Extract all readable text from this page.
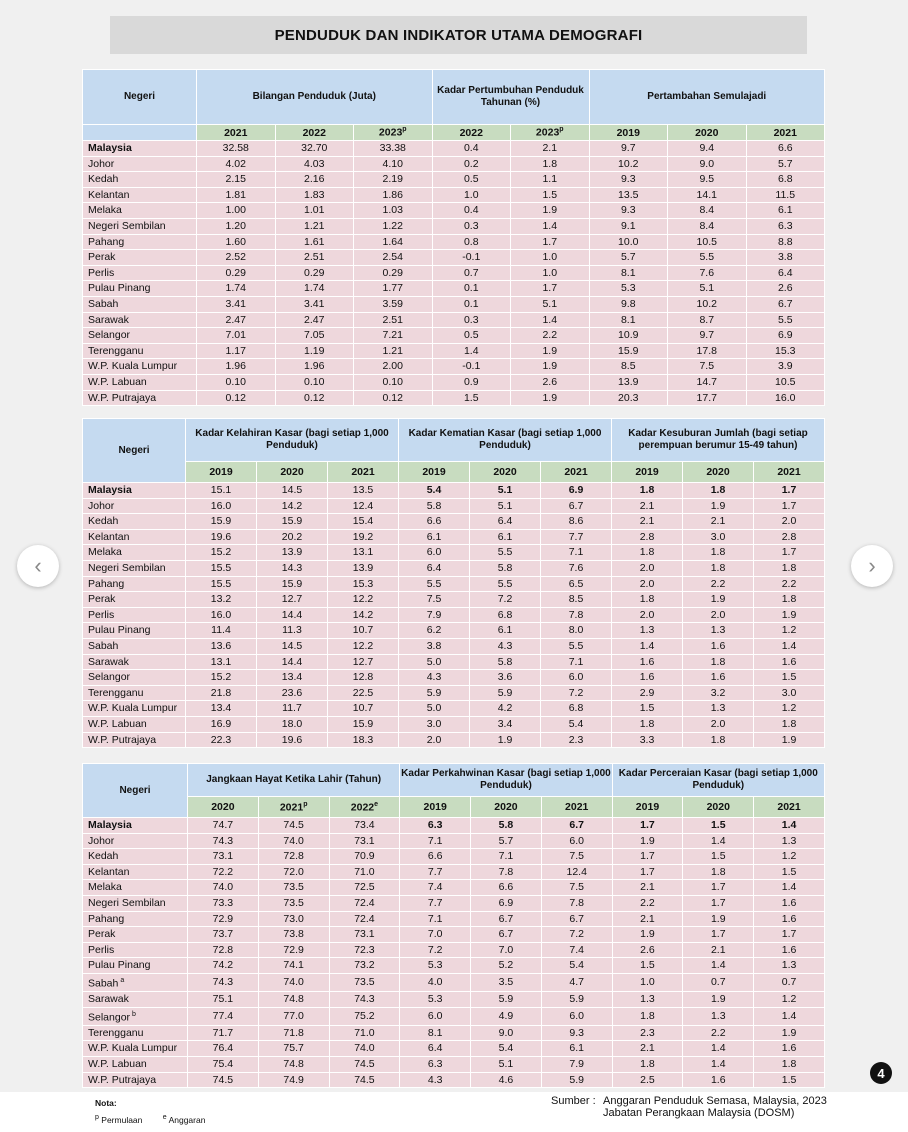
PENDUDUK DAN INDIKATOR UTAMA DEMOGRAFI
Negeri	Bilangan Penduduk (Juta)			Kadar Pertumbuhan Penduduk Tahunan (%)		Pertambahan Semulajadi		
	2021	2022	2023$^p$	2022	2023$^p$	2019	2020	2021
Malaysia	32.58	32.70	33.38	0.4	2.1	9.7	9.4	6.6
Johor	4.02	4.03	4.10	0.2	1.8	10.2	9.0	5.7
Kedah	2.15	2.16	2.19	0.5	1.1	9.3	9.5	6.8
Kelantan	1.81	1.83	1.86	1.0	1.5	13.5	14.1	11.5
Melaka	1.00	1.01	1.03	0.4	1.9	9.3	8.4	6.1
Negeri Sembilan	1.20	1.21	1.22	0.3	1.4	9.1	8.4	6.3
Pahang	1.60	1.61	1.64	0.8	1.7	10.0	10.5	8.8
Perak	2.52	2.51	2.54	-0.1	1.0	5.7	5.5	3.8
Perlis	0.29	0.29	0.29	0.7	1.0	8.1	7.6	6.4
Pulau Pinang	1.74	1.74	1.77	0.1	1.7	5.3	5.1	2.6
Sabah	3.41	3.41	3.59	0.1	5.1	9.8	10.2	6.7
Sarawak	2.47	2.47	2.51	0.3	1.4	8.1	8.7	5.5
Selangor	7.01	7.05	7.21	0.5	2.2	10.9	9.7	6.9
Terengganu	1.17	1.19	1.21	1.4	1.9	15.9	17.8	15.3
W.P. Kuala Lumpur	1.96	1.96	2.00	-0.1	1.9	8.5	7.5	3.9
W.P. Labuan	0.10	0.10	0.10	0.9	2.6	13.9	14.7	10.5
W.P. Putrajaya	0.12	0.12	0.12	1.5	1.9	20.3	17.7	16.0
Negeri	Kadar Kelahiran Kasar (bagi setiap 1,000 Penduduk)			Kadar Kematian Kasar (bagi setiap 1,000 Penduduk)			Kadar Kesuburan Jumlah (bagi setiap perempuan berumur 15-49 tahun)		
	2019	2020	2021	2019	2020	2021	2019	2020	2021
Malaysia	15.1	14.5	13.5	5.4	5.1	6.9	1.8	1.8	1.7
Johor	16.0	14.2	12.4	5.8	5.1	6.7	2.1	1.9	1.7
Kedah	15.9	15.9	15.4	6.6	6.4	8.6	2.1	2.1	2.0
Kelantan	19.6	20.2	19.2	6.1	6.1	7.7	2.8	3.0	2.8
Melaka	15.2	13.9	13.1	6.0	5.5	7.1	1.8	1.8	1.7
Negeri Sembilan	15.5	14.3	13.9	6.4	5.8	7.6	2.0	1.8	1.8
Pahang	15.5	15.9	15.3	5.5	5.5	6.5	2.0	2.2	2.2
Perak	13.2	12.7	12.2	7.5	7.2	8.5	1.8	1.9	1.8
Perlis	16.0	14.4	14.2	7.9	6.8	7.8	2.0	2.0	1.9
Pulau Pinang	11.4	11.3	10.7	6.2	6.1	8.0	1.3	1.3	1.2
Sabah	13.6	14.5	12.2	3.8	4.3	5.5	1.4	1.6	1.4
Sarawak	13.1	14.4	12.7	5.0	5.8	7.1	1.6	1.8	1.6
Selangor	15.2	13.4	12.8	4.3	3.6	6.0	1.6	1.6	1.5
Terengganu	21.8	23.6	22.5	5.9	5.9	7.2	2.9	3.2	3.0
W.P. Kuala Lumpur	13.4	11.7	10.7	5.0	4.2	6.8	1.5	1.3	1.2
W.P. Labuan	16.9	18.0	15.9	3.0	3.4	5.4	1.8	2.0	1.8
W.P. Putrajaya	22.3	19.6	18.3	2.0	1.9	2.3	3.3	1.8	1.9
Negeri	Jangkaan Hayat Ketika Lahir (Tahun)			Kadar Perkahwinan Kasar (bagi setiap 1,000 Penduduk)			Kadar Perceraian Kasar (bagi setiap 1,000 Penduduk)		
	2020	2021$^p$	2022e	2019	2020	2021	2019	2020	2021
Malaysia	74.7	74.5	73.4	6.3	5.8	6.7	1.7	1.5	1.4
Johor	74.3	74.0	73.1	7.1	5.7	6.0	1.9	1.4	1.3
Kedah	73.1	72.8	70.9	6.6	7.1	7.5	1.7	1.5	1.2
Kelantan	72.2	72.0	71.0	7.7	7.8	12.4	1.7	1.8	1.5
Melaka	74.0	73.5	72.5	7.4	6.6	7.5	2.1	1.7	1.4
Negeri Sembilan	73.3	73.5	72.4	7.7	6.9	7.8	2.2	1.7	1.6
Pahang	72.9	73.0	72.4	7.1	6.7	6.7	2.1	1.9	1.6
Perak	73.7	73.8	73.1	7.0	6.7	7.2	1.9	1.7	1.7
Perlis	72.8	72.9	72.3	7.2	7.0	7.4	2.6	2.1	1.6
Pulau Pinang	74.2	74.1	73.2	5.3	5.2	5.4	1.5	1.4	1.3
Sabah $^a$	74.3	74.0	73.5	4.0	3.5	4.7	1.0	0.7	0.7
Sarawak	75.1	74.8	74.3	5.3	5.9	5.9	1.3	1.9	1.2
Selangor $^b$	77.4	77.0	75.2	6.0	4.9	6.0	1.8	1.3	1.4
Terengganu	71.7	71.8	71.0	8.1	9.0	9.3	2.3	2.2	1.9
W.P. Kuala Lumpur	76.4	75.7	74.0	6.4	5.4	6.1	2.1	1.4	1.6
W.P. Labuan	75.4	74.8	74.5	6.3	5.1	7.9	1.8	1.4	1.8
W.P. Putrajaya	74.5	74.9	74.5	4.3	4.6	5.9	2.5	1.6	1.5
‹	›
4
Nota:
$^p$ Permulaan	$^e$ Anggaran
Sumber : Anggaran Penduduk Semasa, Malaysia, 2023
Jabatan Perangkaan Malaysia (DOSM)
